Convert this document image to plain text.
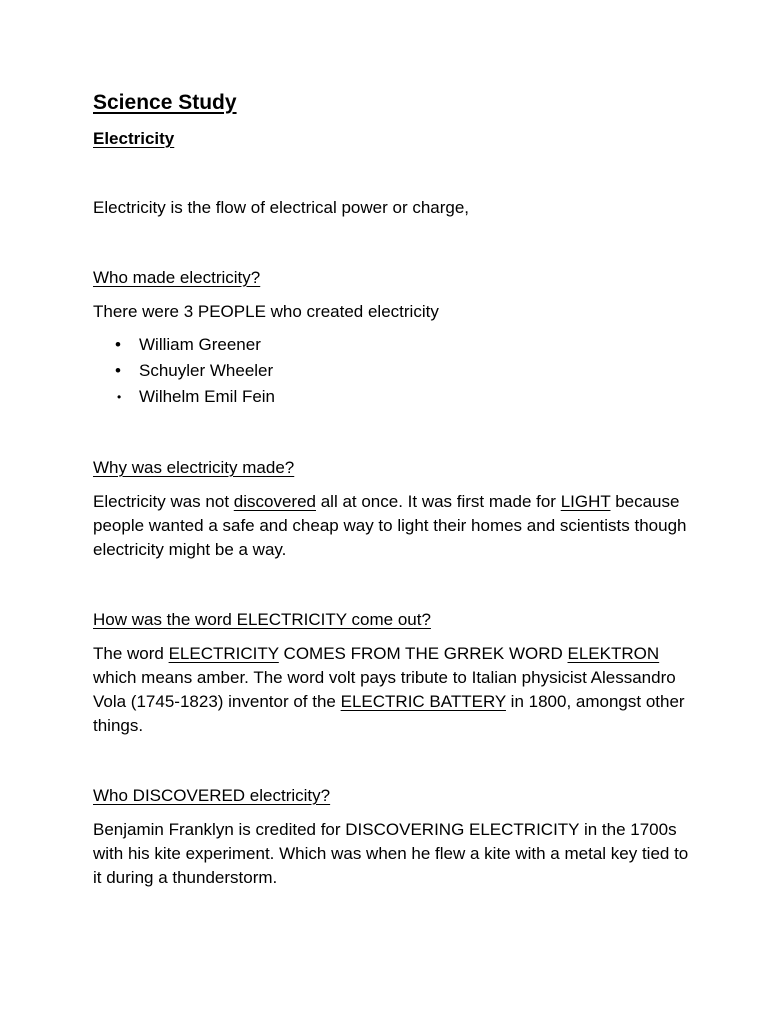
Science Study
Electricity

Electricity is the flow of electrical power or charge,

Who made electricity?

There were 3 PEOPLE who created electricity

• William Greener
• Schuyler Wheeler
• Wilhelm Emil Fein
Why was electricity made?

Electricity was not discovered all at once. It was first made for LIGHT because people wanted a safe and cheap way to light their homes and scientists though electricity might be a way.

How was the word ELECTRICITY come out?

The word ELECTRICITY COMES FROM THE GRREK WORD ELEKTRON which means amber. The word volt pays tribute to Italian physicist Alessandro Vola (1745-1823) inventor of the ELECTRIC BATTERY in 1800, amongst other things.

Who DISCOVERED electricity?

Benjamin Franklyn is credited for DISCOVERING ELECTRICITY in the 1700s with his kite experiment. Which was when he flew a kite with a metal key tied to it during a thunderstorm.
